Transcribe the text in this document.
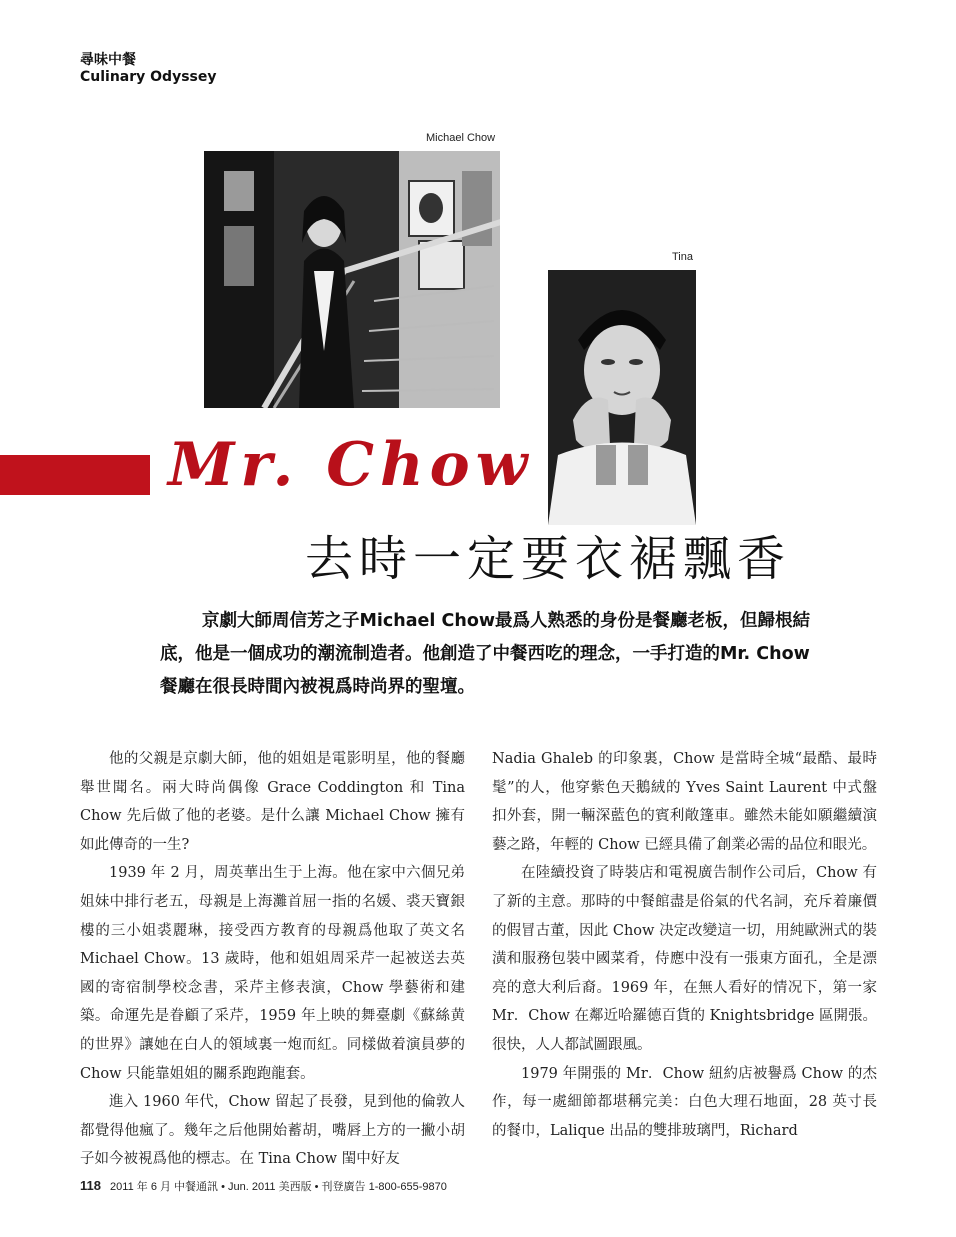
尋味中餐
Culinary Odyssey
Michael Chow
Tina
Mr. Chow
去時一定要衣裾飄香
京劇大師周信芳之子Michael Chow最爲人熟悉的身份是餐廳老板，但歸根結底，他是一個成功的潮流制造者。他創造了中餐西吃的理念，一手打造的Mr. Chow餐廳在很長時間內被視爲時尚界的聖壇。

他的父親是京劇大師，他的姐姐是電影明星，他的餐廳舉世聞名。兩大時尚偶像 Grace Coddington 和 Tina Chow 先后做了他的老婆。是什么讓 Michael Chow 擁有如此傳奇的一生?

1939 年 2 月，周英華出生于上海。他在家中六個兄弟姐妹中排行老五，母親是上海灘首屈一指的名媛、裘天寶銀樓的三小姐裘麗琳，接受西方教育的母親爲他取了英文名 Michael Chow。13 歲時，他和姐姐周采芹一起被送去英國的寄宿制學校念書，采芹主修表演，Chow 學藝術和建築。命運先是眷顧了采芹，1959 年上映的舞臺劇《蘇絲黄的世界》讓她在白人的領域裏一炮而紅。同樣做着演員夢的 Chow 只能靠姐姐的關系跑跑龍套。

進入 1960 年代，Chow 留起了長發，見到他的倫敦人都覺得他瘋了。幾年之后他開始蓄胡，嘴唇上方的一撇小胡子如今被視爲他的標志。在 Tina Chow 閨中好友

Nadia Ghaleb 的印象裏，Chow 是當時全城“最酷、最時髦”的人，他穿紫色天鵝絨的 Yves Saint Laurent 中式盤扣外套，開一輛深藍色的賓利敞篷車。雖然未能如願繼續演藝之路，年輕的 Chow 已經具備了創業必需的品位和眼光。

在陸續投資了時裝店和電視廣告制作公司后，Chow 有了新的主意。那時的中餐館盡是俗氣的代名詞，充斥着廉價的假冒古董，因此 Chow 决定改變這一切，用純歐洲式的裝潢和服務包裝中國菜肴，侍應中没有一張東方面孔，全是漂亮的意大利后裔。1969 年，在無人看好的情况下，第一家 Mr．Chow 在鄰近哈羅德百貨的 Knightsbridge 區開張。很快，人人都試圖跟風。

1979 年開張的 Mr．Chow 紐約店被譽爲 Chow 的杰作，每一處細節都堪稱完美：白色大理石地面，28 英寸長的餐巾，Lalique 出品的雙排玻璃門，Richard

118 2011 年 6 月 中餐通訊 • Jun. 2011 美西版 • 刊登廣告 1-800-655-9870
